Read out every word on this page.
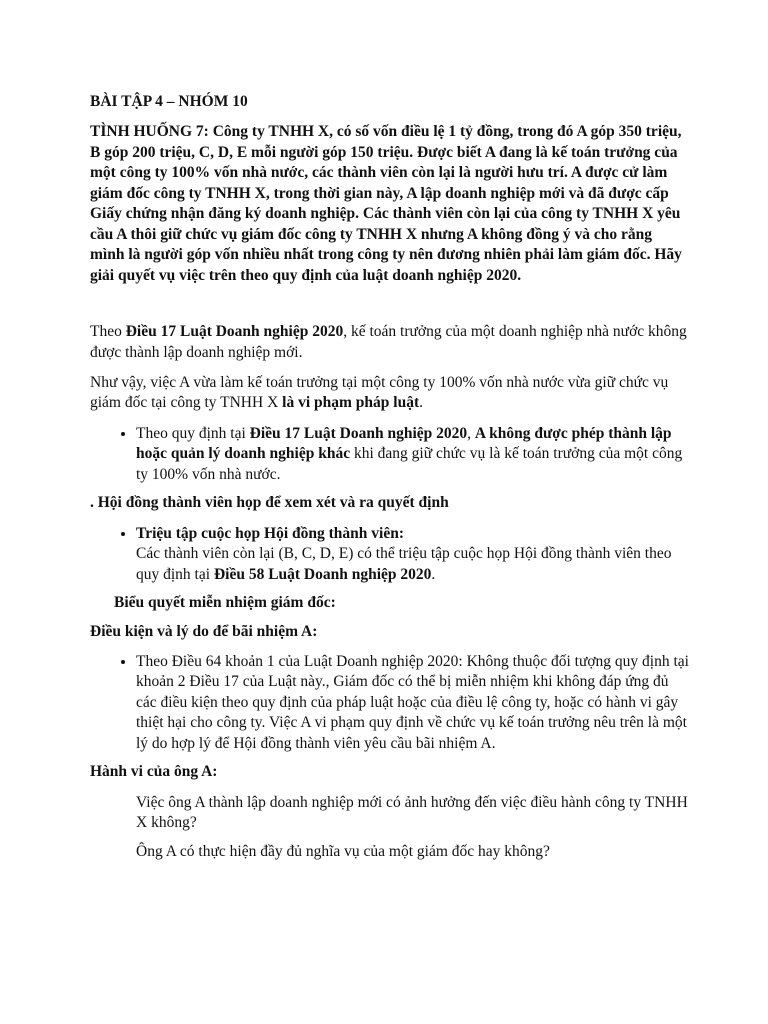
BÀI TẬP 4 – NHÓM 10
TÌNH HUỐNG 7: Công ty TNHH X, có số vốn điều lệ 1 tỷ đồng, trong đó A góp 350 triệu, B góp 200 triệu, C, D, E mỗi người góp 150 triệu. Được biết A đang là kế toán trưởng của một công ty 100% vốn nhà nước, các thành viên còn lại là người hưu trí. A được cử làm giám đốc công ty TNHH X, trong thời gian này, A lập doanh nghiệp mới và đã được cấp Giấy chứng nhận đăng ký doanh nghiệp. Các thành viên còn lại của công ty TNHH X yêu cầu A thôi giữ chức vụ giám đốc công ty TNHH X nhưng A không đồng ý và cho rằng mình là người góp vốn nhiều nhất trong công ty nên đương nhiên phải làm giám đốc. Hãy giải quyết vụ việc trên theo quy định của luật doanh nghiệp 2020.

Theo Điều 17 Luật Doanh nghiệp 2020, kế toán trưởng của một doanh nghiệp nhà nước không được thành lập doanh nghiệp mới.

Như vậy, việc A vừa làm kế toán trưởng tại một công ty 100% vốn nhà nước vừa giữ chức vụ giám đốc tại công ty TNHH X là vi phạm pháp luật.

• Theo quy định tại Điều 17 Luật Doanh nghiệp 2020, A không được phép thành lập hoặc quản lý doanh nghiệp khác khi đang giữ chức vụ là kế toán trưởng của một công ty 100% vốn nhà nước.
. Hội đồng thành viên họp để xem xét và ra quyết định
• Triệu tập cuộc họp Hội đồng thành viên:
Các thành viên còn lại (B, C, D, E) có thể triệu tập cuộc họp Hội đồng thành viên theo quy định tại Điều 58 Luật Doanh nghiệp 2020.
Biểu quyết miễn nhiệm giám đốc:
Điều kiện và lý do để bãi nhiệm A:
• Theo Điều 64 khoản 1 của Luật Doanh nghiệp 2020: Không thuộc đối tượng quy định tại khoản 2 Điều 17 của Luật này., Giám đốc có thể bị miễn nhiệm khi không đáp ứng đủ các điều kiện theo quy định của pháp luật hoặc của điều lệ công ty, hoặc có hành vi gây thiệt hại cho công ty. Việc A vi phạm quy định về chức vụ kế toán trưởng nêu trên là một lý do hợp lý để Hội đồng thành viên yêu cầu bãi nhiệm A.
Hành vi của ông A:

Việc ông A thành lập doanh nghiệp mới có ảnh hưởng đến việc điều hành công ty TNHH X không?

Ông A có thực hiện đầy đủ nghĩa vụ của một giám đốc hay không?
